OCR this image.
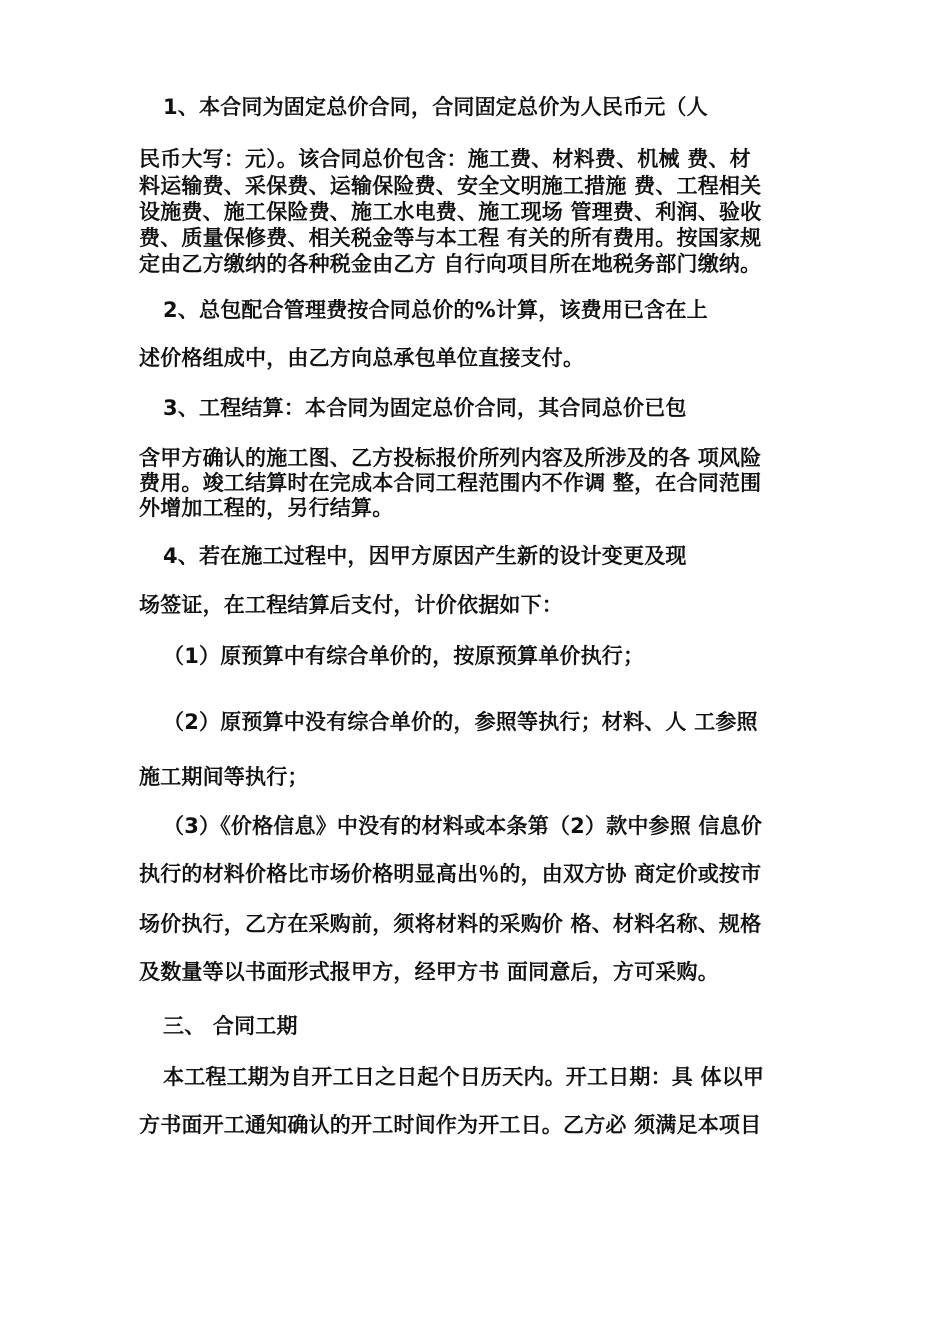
1、本合同为固定总价合同，合同固定总价为人民币元（人
民币大写：元）。该合同总价包含：施工费、材料费、机械 费、材
料运输费、采保费、运输保险费、安全文明施工措施 费、工程相关
设施费、施工保险费、施工水电费、施工现场 管理费、利润、验收
费、质量保修费、相关税金等与本工程 有关的所有费用。按国家规
定由乙方缴纳的各种税金由乙方 自行向项目所在地税务部门缴纳。
2、总包配合管理费按合同总价的%计算，该费用已含在上
述价格组成中，由乙方向总承包单位直接支付。
3、工程结算：本合同为固定总价合同，其合同总价已包
含甲方确认的施工图、乙方投标报价所列内容及所涉及的各 项风险
费用。竣工结算时在完成本合同工程范围内不作调 整，在合同范围
外增加工程的，另行结算。
4、若在施工过程中，因甲方原因产生新的设计变更及现
场签证，在工程结算后支付，计价依据如下：
（1）原预算中有综合单价的，按原预算单价执行；
（2）原预算中没有综合单价的，参照等执行；材料、人 工参照
施工期间等执行；
（3）《价格信息》中没有的材料或本条第（2）款中参照 信息价
执行的材料价格比市场价格明显高出％的，由双方协 商定价或按市
场价执行，乙方在采购前，须将材料的采购价 格、材料名称、规格
及数量等以书面形式报甲方，经甲方书 面同意后，方可采购。
三、 合同工期
本工程工期为自开工日之日起个日历天内。开工日期：具 体以甲
方书面开工通知确认的开工时间作为开工日。乙方必 须满足本项目
